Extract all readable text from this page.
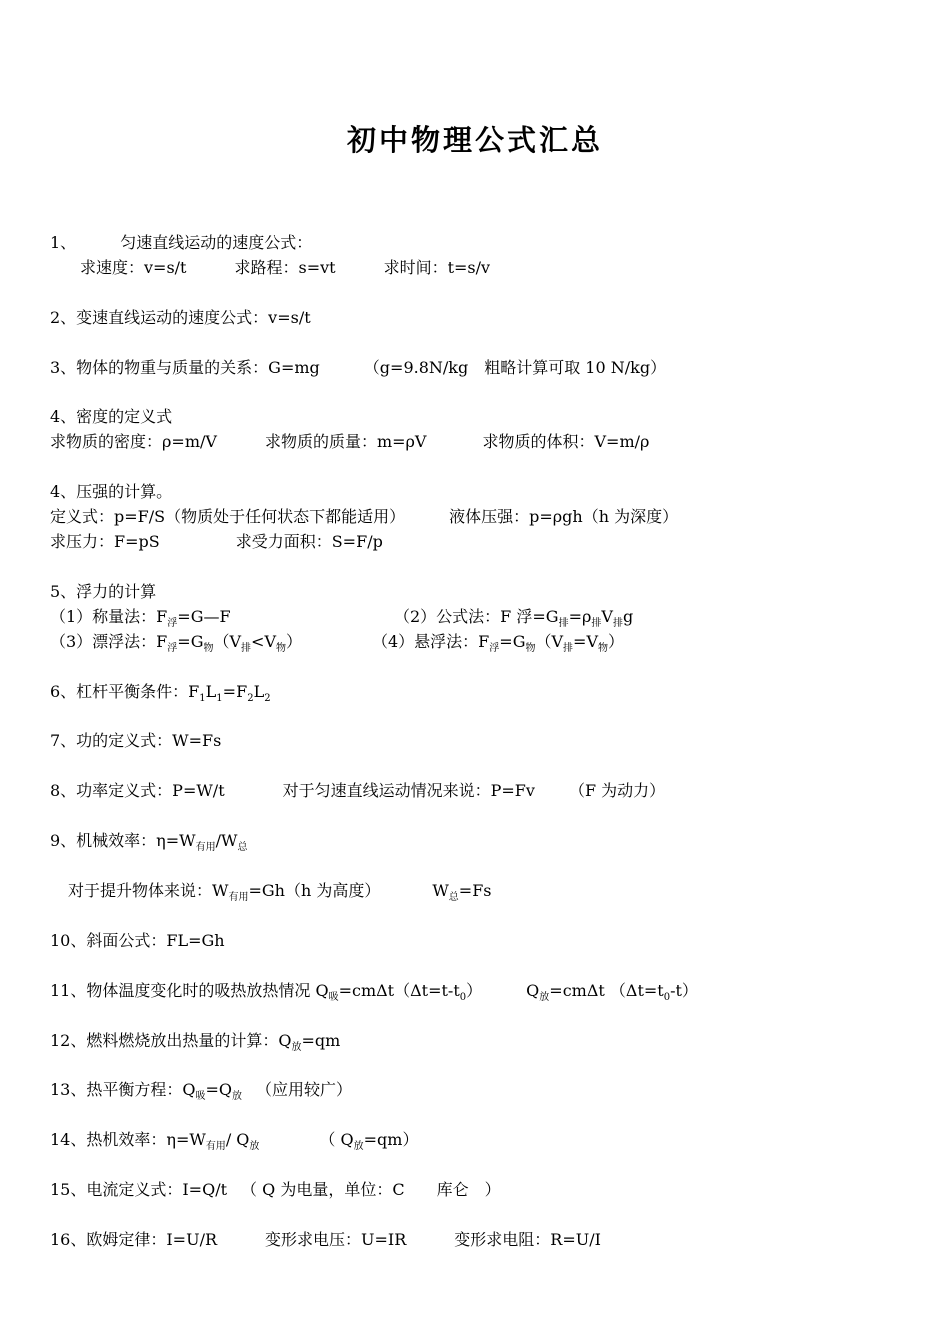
初中物理公式汇总
1、	匀速直线运动的速度公式：
求速度：v=s/t	求路程：s=vt	求时间：t=s/v
2、变速直线运动的速度公式：v=s/t
3、物体的物重与质量的关系：G=mg	（g=9.8N/kg　粗略计算可取 10 N/kg）
4、密度的定义式
求物质的密度：ρ=m/V	求物质的质量：m=ρV	求物质的体积：V=m/ρ
4、压强的计算。
定义式：p=F/S（物质处于任何状态下都能适用）	液体压强：p=ρgh（h 为深度）
求压力：F=pS	求受力面积：S=F/p
5、浮力的计算
（1）称量法：F浮=G—F	（2）公式法：F 浮=G排=ρ排V排g
（3）漂浮法：F浮=G物（V排<V物）	（4）悬浮法：F浮=G物（V排=V物）
6、杠杆平衡条件：F1L1=F2L2
7、功的定义式：W=Fs
8、功率定义式：P=W/t	对于匀速直线运动情况来说：P=Fv （F 为动力）
9、机械效率：η=W有用/W总
对于提升物体来说：W有用=Gh（h 为高度）	W总=Fs
10、斜面公式：FL=Gh
11、物体温度变化时的吸热放热情况 Q吸=cmΔt（Δt=t-t0）	Q放=cmΔt （Δt=t0-t）
12、燃料燃烧放出热量的计算：Q放=qm
13、热平衡方程：Q吸=Q放 （应用较广）
14、热机效率：η=W有用/ Q放	（ Q放=qm）
15、电流定义式：I=Q/t （ Q 为电量，单位：C　　库仑　）
16、欧姆定律：I=U/R	变形求电压：U=IR	变形求电阻：R=U/I
